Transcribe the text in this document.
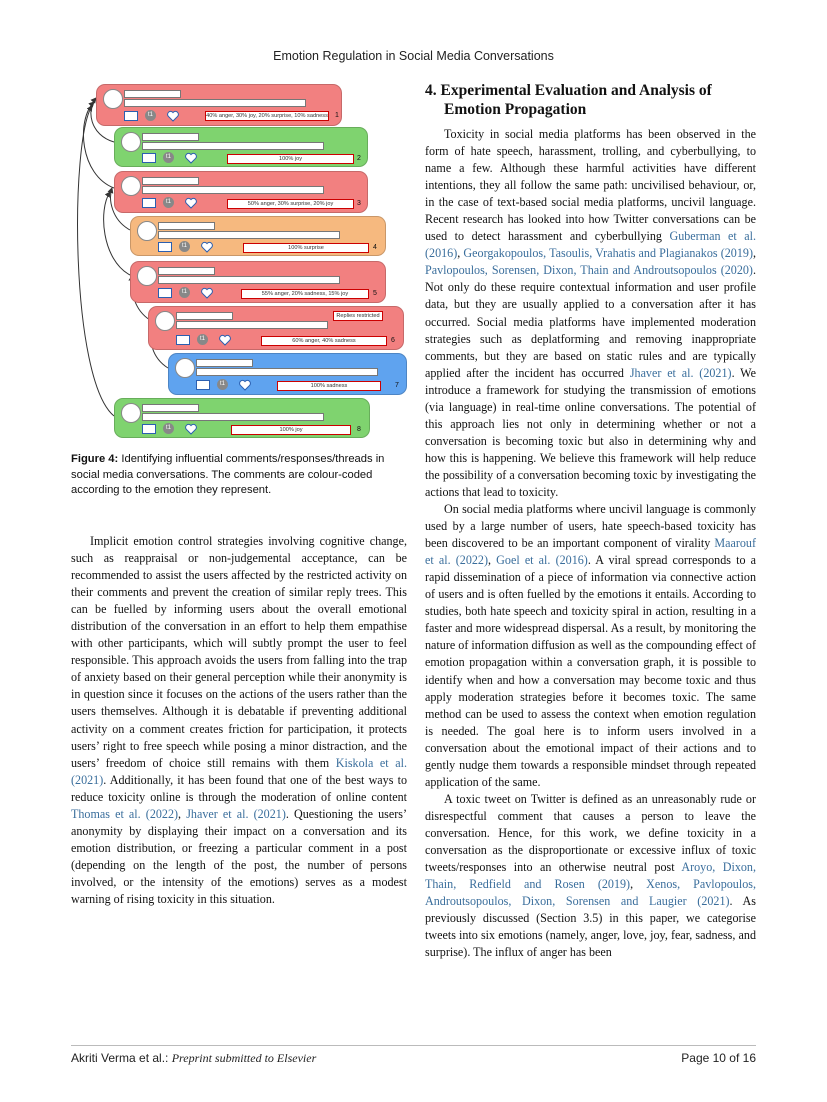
Emotion Regulation in Social Media Conversations
t1	40% anger, 30% joy, 20% surprise, 10% sadness 1
t1	100% joy	2
t1	50% anger, 30% surprise, 20% joy	3
t1	100% surprise	4
t1	55% anger, 20% sadness, 15% joy	5
Replies restricted
t1	60% anger, 40% sadness	6
t1	100% sadness	7
t1	100% joy	8
Figure 4: Identifying influential comments/responses/threads in social media conversations. The comments are colour-coded according to the emotion they represent.

Implicit emotion control strategies involving cognitive change, such as reappraisal or non-judgemental acceptance, can be recommended to assist the users affected by the restricted activity on their comments and prevent the creation of similar reply trees. This can be fuelled by informing users about the overall emotional distribution of the conversation in an effort to help them empathise with other participants, which will subtly prompt the user to feel responsible. This approach avoids the users from falling into the trap of anxiety based on their general perception while their anonymity is in question since it focuses on the actions of the users rather than the users themselves. Although it is debatable if preventing additional activity on a comment creates friction for participation, it protects users’ right to free speech while posing a minor distraction, and the users’ freedom of choice still remains with them Kiskola et al. (2021). Additionally, it has been found that one of the best ways to reduce toxicity online is through the moderation of online content Thomas et al. (2022), Jhaver et al. (2021). Questioning the users’ anonymity by displaying their impact on a conversation and its emotion distribution, or freezing a particular comment in a post (depending on the length of the post, the number of persons involved, or the intensity of the emotions) serves as a modest warning of rising toxicity in this situation.

4. Experimental Evaluation and Analysis of Emotion Propagation

Toxicity in social media platforms has been observed in the form of hate speech, harassment, trolling, and cyberbullying, to name a few. Although these harmful activities have different intentions, they all follow the same path: uncivilised behaviour, or, in the case of text-based social media platforms, uncivil language. Recent research has looked into how Twitter conversations can be used to detect harassment and cyberbullying Guberman et al. (2016), Georgakopoulos, Tasoulis, Vrahatis and Plagianakos (2019), Pavlopoulos, Sorensen, Dixon, Thain and Androutsopoulos (2020). Not only do these require contextual information and user profile data, but they are usually applied to a conversation after it has occurred. Social media platforms have implemented moderation strategies such as deplatforming and removing inappropriate comments, but they are based on static rules and are typically applied after the incident has occurred Jhaver et al. (2021). We introduce a framework for studying the transmission of emotions (via language) in real-time online conversations. The potential of this approach lies not only in determining whether or not a conversation is becoming toxic but also in determining why and how this is happening. We believe this framework will help reduce the possibility of a conversation becoming toxic by investigating the actions that lead to toxicity.

On social media platforms where uncivil language is commonly used by a large number of users, hate speech-based toxicity has been discovered to be an important component of virality Maarouf et al. (2022), Goel et al. (2016). A viral spread corresponds to a rapid dissemination of a piece of information via connective action of users and is often fuelled by the emotions it entails. According to studies, both hate speech and toxicity spiral in action, resulting in a faster and more widespread dispersal. As a result, by monitoring the nature of information diffusion as well as the compounding effect of emotion propagation within a conversation graph, it is possible to identify when and how a conversation may become toxic and thus apply moderation strategies before it becomes toxic. The same method can be used to assess the context when emotion regulation is needed. The goal here is to inform users involved in a conversation about the emotional impact of their actions and to gently nudge them towards a responsible mindset through repeated application of the same.

A toxic tweet on Twitter is defined as an unreasonably rude or disrespectful comment that causes a person to leave the conversation. Hence, for this work, we define toxicity in a conversation as the disproportionate or excessive influx of toxic tweets/responses into an otherwise neutral post Aroyo, Dixon, Thain, Redfield and Rosen (2019), Xenos, Pavlopoulos, Androutsopoulos, Dixon, Sorensen and Laugier (2021). As previously discussed (Section 3.5) in this paper, we categorise tweets into six emotions (namely, anger, love, joy, fear, sadness, and surprise). The influx of anger has been

Akriti Verma et al.: Preprint submitted to Elsevier	Page 10 of 16
